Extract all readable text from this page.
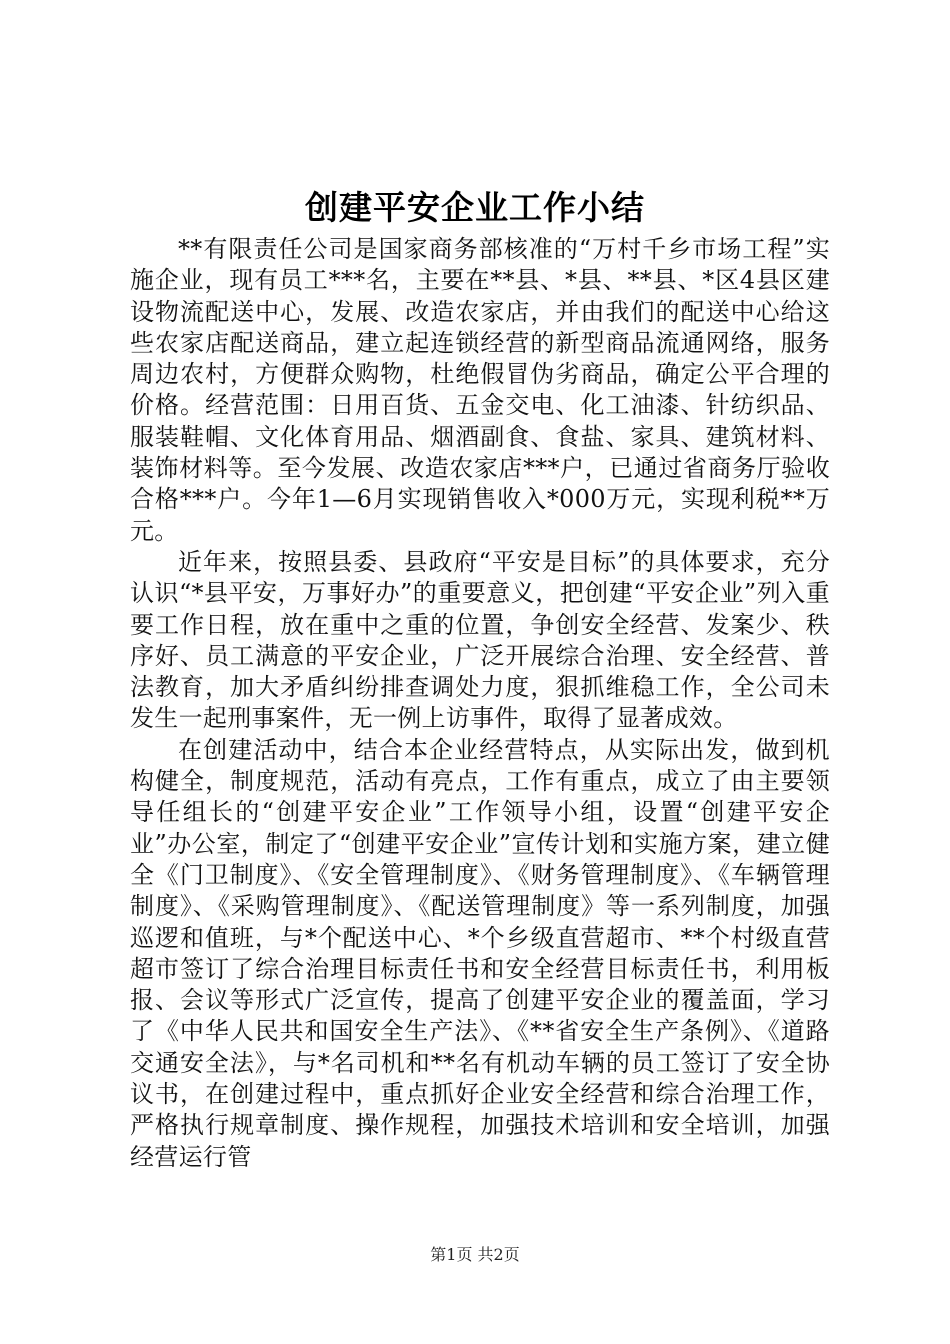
创建平安企业工作小结

**有限责任公司是国家商务部核准的“万村千乡市场工程”实施企业，现有员工***名，主要在**县、*县、**县、*区4县区建设物流配送中心，发展、改造农家店，并由我们的配送中心给这些农家店配送商品，建立起连锁经营的新型商品流通网络，服务周边农村，方便群众购物，杜绝假冒伪劣商品，确定公平合理的价格。经营范围：日用百货、五金交电、化工油漆、针纺织品、服装鞋帽、文化体育用品、烟酒副食、食盐、家具、建筑材料、装饰材料等。至今发展、改造农家店***户，已通过省商务厅验收合格***户。今年1—6月实现销售收入*000万元，实现利税**万元。

近年来，按照县委、县政府“平安是目标”的具体要求，充分认识“*县平安，万事好办”的重要意义，把创建“平安企业”列入重要工作日程，放在重中之重的位置，争创安全经营、发案少、秩序好、员工满意的平安企业，广泛开展综合治理、安全经营、普法教育，加大矛盾纠纷排查调处力度，狠抓维稳工作，全公司未发生一起刑事案件，无一例上访事件，取得了显著成效。

在创建活动中，结合本企业经营特点，从实际出发，做到机构健全，制度规范，活动有亮点，工作有重点，成立了由主要领导任组长的“创建平安企业”工作领导小组，设置“创建平安企业”办公室，制定了“创建平安企业”宣传计划和实施方案，建立健全《门卫制度》、《安全管理制度》、《财务管理制度》、《车辆管理制度》、《采购管理制度》、《配送管理制度》等一系列制度，加强巡逻和值班，与*个配送中心、*个乡级直营超市、**个村级直营超市签订了综合治理目标责任书和安全经营目标责任书，利用板报、会议等形式广泛宣传，提高了创建平安企业的覆盖面，学习了《中华人民共和国安全生产法》、《**省安全生产条例》、《道路交通安全法》，与*名司机和**名有机动车辆的员工签订了安全协议书，在创建过程中，重点抓好企业安全经营和综合治理工作，严格执行规章制度、操作规程，加强技术培训和安全培训，加强经营运行管

第1页 共2页
